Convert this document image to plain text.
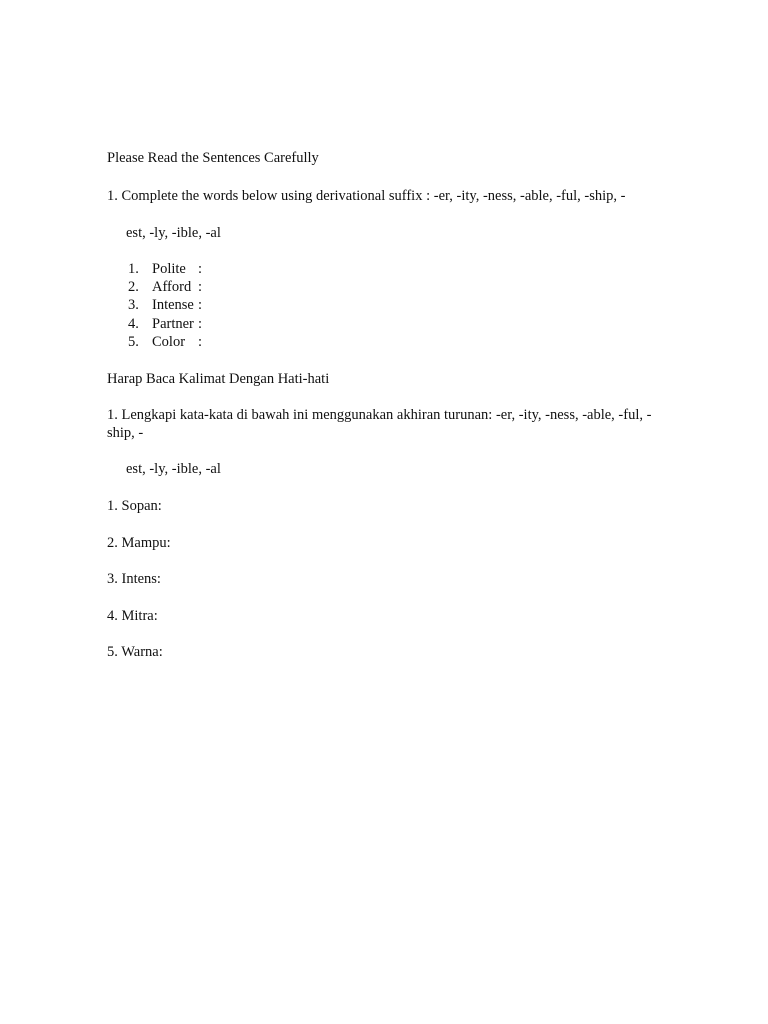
Please Read the Sentences Carefully
1. Complete the words below using derivational suffix : -er, -ity, -ness, -able, -ful, -ship, -
est, -ly, -ible, -al
1. Polite :
2. Afford :
3. Intense :
4. Partner :
5. Color :
Harap Baca Kalimat Dengan Hati-hati
1. Lengkapi kata-kata di bawah ini menggunakan akhiran turunan: -er, -ity, -ness, -able, -ful, -ship, -
est, -ly, -ible, -al
1. Sopan:
2. Mampu:
3. Intens:
4. Mitra:
5. Warna:
